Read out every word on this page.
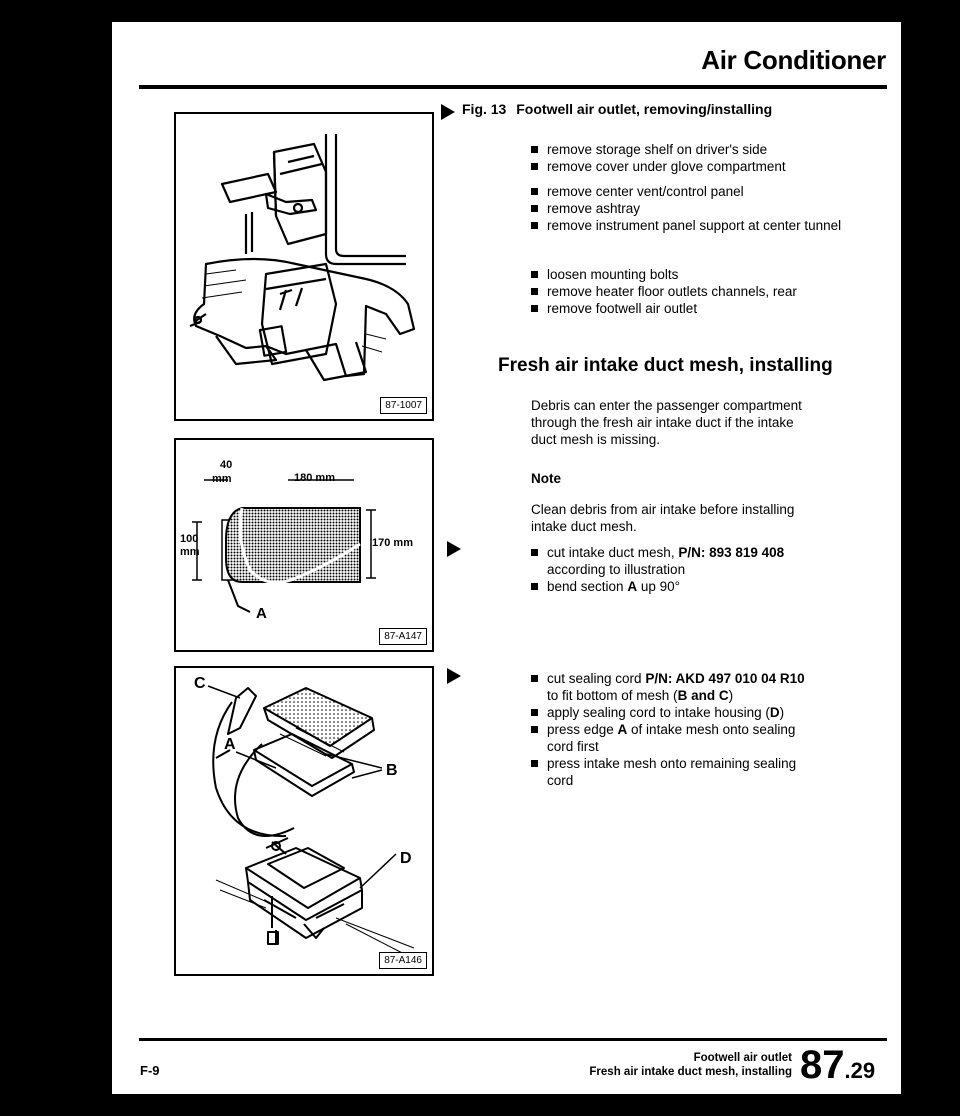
Air Conditioner
87-1007
40
mm	180 mm
100
mm
170 mm
A
87-A147
C
A
B
D
87-A146
Fig. 13 Footwell air outlet, removing/installing
remove storage shelf on driver's side
remove cover under glove compartment
remove center vent/control panel
remove ashtray
remove instrument panel support at center tunnel
loosen mounting bolts
remove heater floor outlets channels, rear
remove footwell air outlet
Fresh air intake duct mesh, installing
Debris can enter the passenger compartment
through the fresh air intake duct if the intake
duct mesh is missing.
Note
Clean debris from air intake before installing
intake duct mesh.
cut intake duct mesh, P/N: 893 819 408
according to illustration
bend section A up 90°
cut sealing cord P/N: AKD 497 010 04 R10
to fit bottom of mesh (B and C)
apply sealing cord to intake housing (D)
press edge A of intake mesh onto sealing
cord first
press intake mesh onto remaining sealing
cord
F-9
Footwell air outlet
Fresh air intake duct mesh, installing 87.29
